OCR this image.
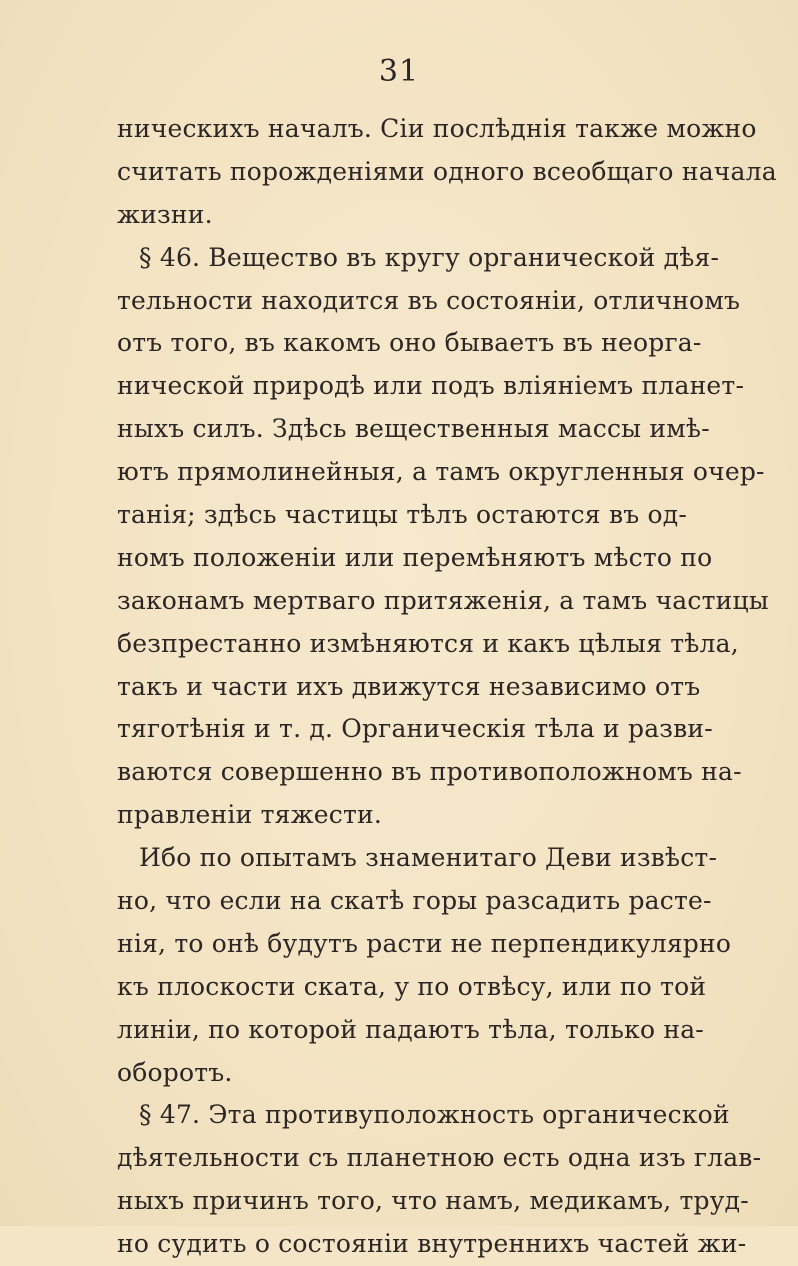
31
ническихъ началъ. Сіи послѣднія также можно
считать порожденіями одного всеобщаго начала
жизни.
§ 46. Вещество въ кругу органической дѣя-
тельности находится въ состояніи, отличномъ
отъ того, въ какомъ оно бываетъ въ неорга-
нической природѣ или подъ вліяніемъ планет-
ныхъ силъ. Здѣсь вещественныя массы имѣ-
ютъ прямолинейныя, а тамъ округленныя очер-
танія; здѣсь частицы тѣлъ остаются въ од-
номъ положеніи или перемѣняютъ мѣсто по
законамъ мертваго притяженія, а тамъ частицы
безпрестанно измѣняются и какъ цѣлыя тѣла,
такъ и части ихъ движутся независимо отъ
тяготѣнія и т. д. Органическія тѣла и разви-
ваются совершенно въ противоположномъ на-
правленіи тяжести.
Ибо по опытамъ знаменитаго Деви извѣст-
но, что если на скатѣ горы разсадить расте-
нія, то онѣ будутъ расти не перпендикулярно
къ плоскости ската, у по отвѣсу, или по той
линіи, по которой падаютъ тѣла, только на-
оборотъ.
§ 47. Эта противуположность органической
дѣятельности съ планетною есть одна изъ глав-
ныхъ причинъ того, что намъ, медикамъ, труд-
но судить о состояніи внутреннихъ частей жи-
